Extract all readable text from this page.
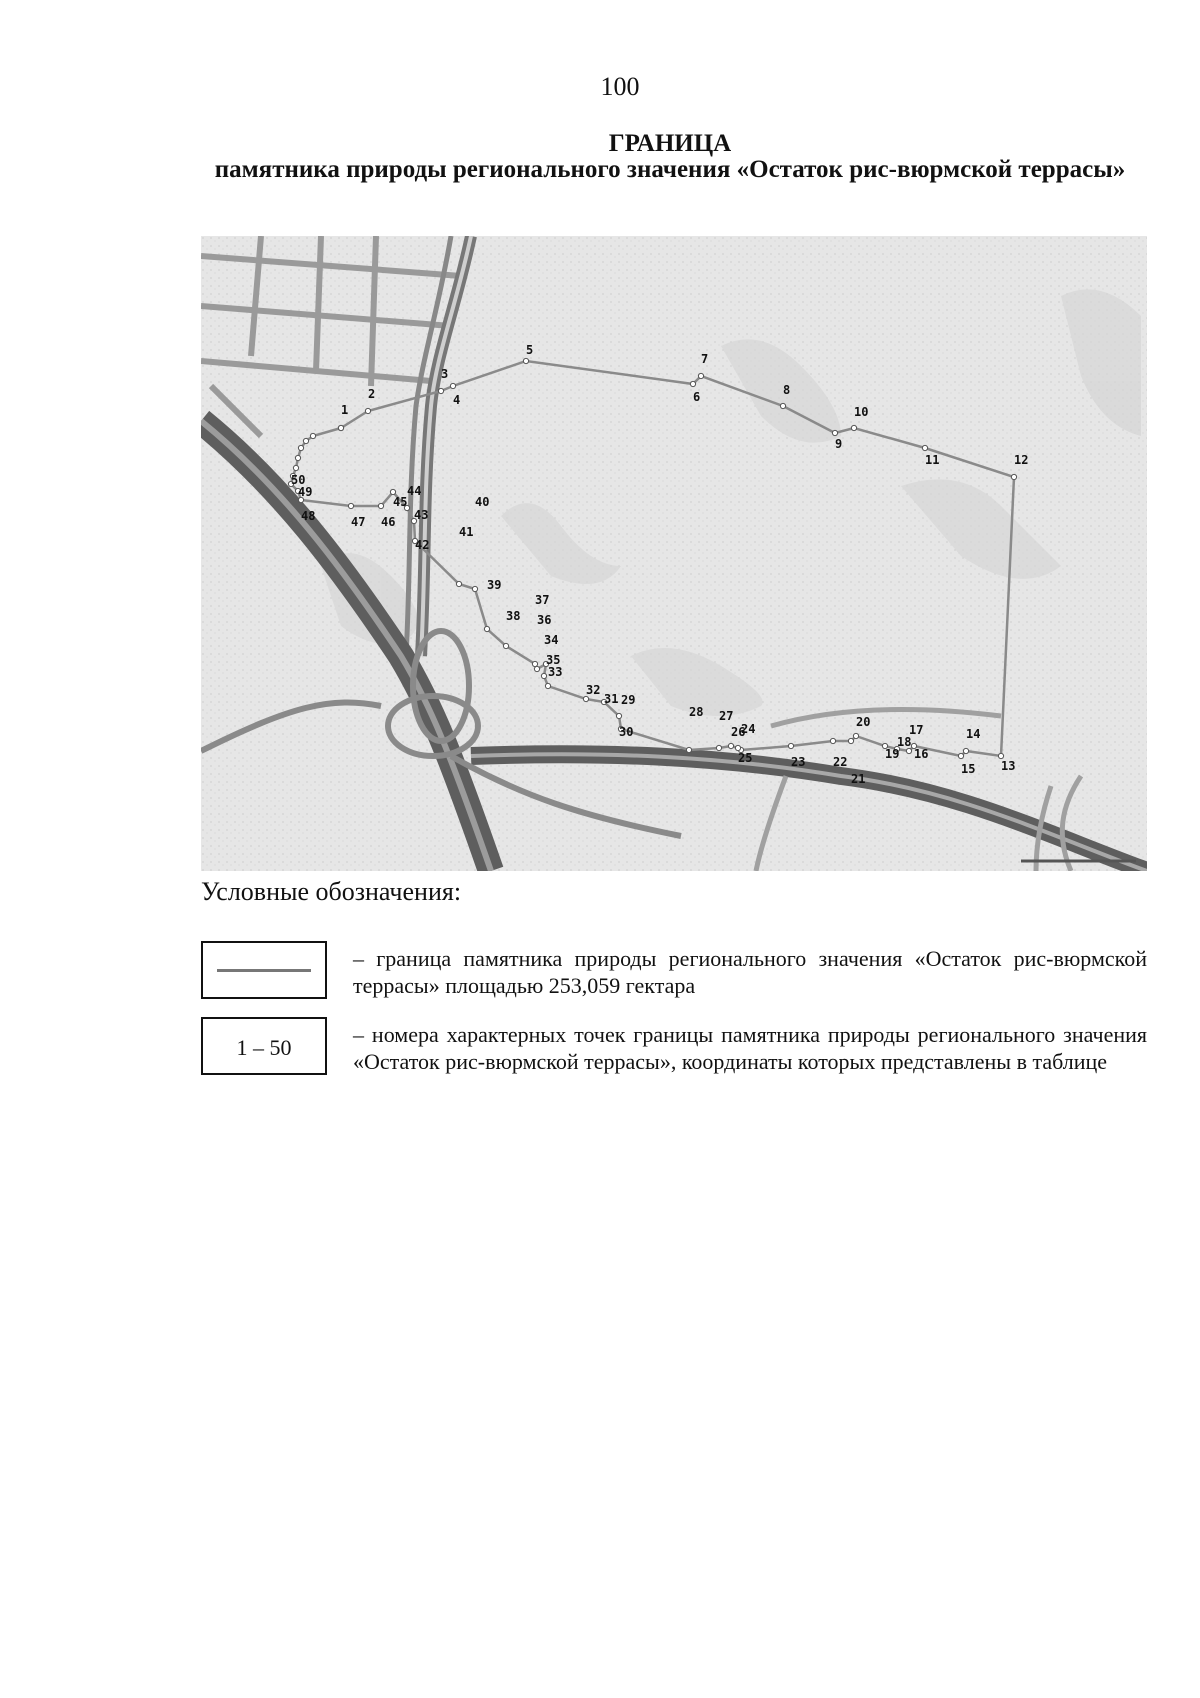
100
ГРАНИЦА
памятника природы регионального значения «Остаток рис-вюрмской террасы»
1
2
3
4
5
6
7
8
9
10
11	12
13
14
15
16
17
18
19
20
21
22
23
24
25
26
27
28
29
30
31
32
33
34
35
36
37
38
39
40
41
42
43
44
45
46
47
48
49
50
Условные обозначения:
– граница памятника природы регионального значения «Остаток рис-вюрмской террасы» площадью 253,059 гектара
1 – 50
– номера характерных точек границы памятника природы регионального значения «Остаток рис-вюрмской террасы», координаты которых представлены в таблице
